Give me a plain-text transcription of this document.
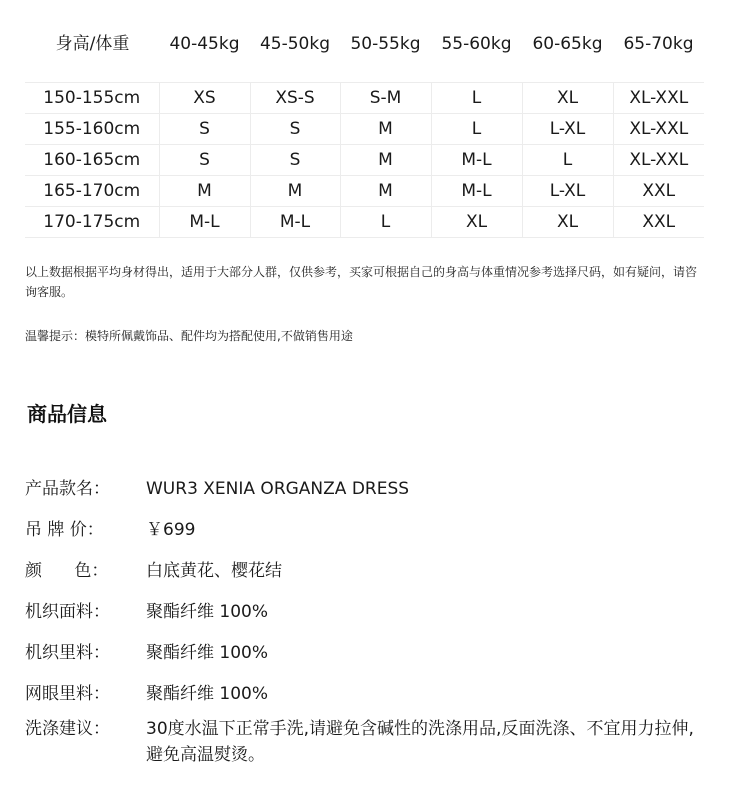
身高/体重	40-45kg	45-50kg	50-55kg	55-60kg	60-65kg	65-70kg
150-155cm	XS	XS-S	S-M	L	XL	XL-XXL
155-160cm	S	S	M	L	L-XL	XL-XXL
160-165cm	S	S	M	M-L	L	XL-XXL
165-170cm	M	M	M	M-L	L-XL	XXL
170-175cm	M-L	M-L	L	XL	XL	XXL
以上数据根据平均身材得出，适用于大部分人群，仅供参考，买家可根据自己的身高与体重情况参考选择尺码，如有疑问，请咨询客服。
温馨提示：模特所佩戴饰品、配件均为搭配使用,不做销售用途
商品信息
产品款名：	WUR3 XENIA ORGANZA DRESS
吊 牌 价：	￥699
颜      色：	白底黄花、樱花结
机织面料：	聚酯纤维 100%
机织里料：	聚酯纤维 100%
网眼里料：	聚酯纤维 100%
洗涤建议：	30度水温下正常手洗,请避免含碱性的洗涤用品,反面洗涤、不宜用力拉伸,避免高温熨烫。
